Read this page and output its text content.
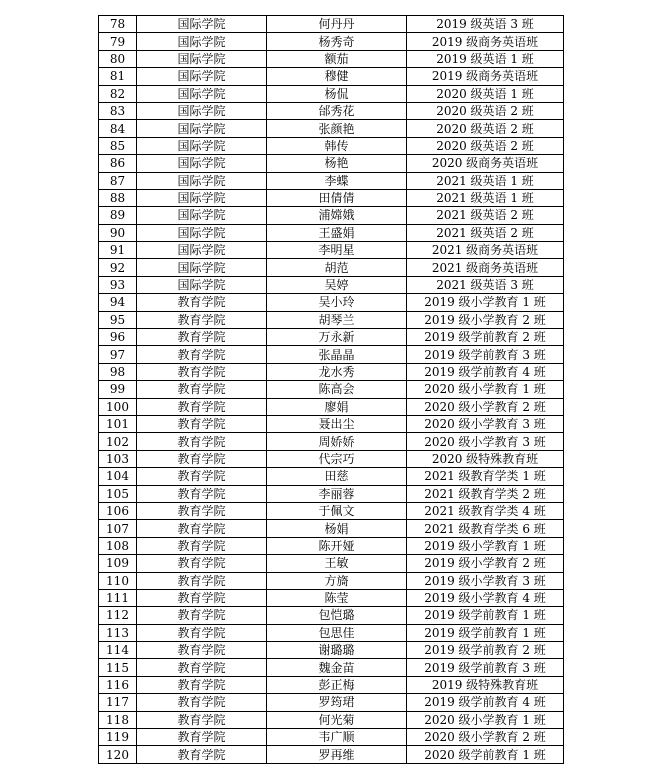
78	国际学院	何丹丹	2019 级英语 3 班
79	国际学院	杨秀奇	2019 级商务英语班
80	国际学院	额茄	2019 级英语 1 班
81	国际学院	穆健	2019 级商务英语班
82	国际学院	杨侃	2020 级英语 1 班
83	国际学院	邰秀花	2020 级英语 2 班
84	国际学院	张颜艳	2020 级英语 2 班
85	国际学院	韩传	2020 级英语 2 班
86	国际学院	杨艳	2020 级商务英语班
87	国际学院	李蝶	2021 级英语 1 班
88	国际学院	田倩倩	2021 级英语 1 班
89	国际学院	浦嫦娥	2021 级英语 2 班
90	国际学院	王盛娟	2021 级英语 2 班
91	国际学院	李明星	2021 级商务英语班
92	国际学院	胡范	2021 级商务英语班
93	国际学院	吴婷	2021 级英语 3 班
94	教育学院	吴小玲	2019 级小学教育 1 班
95	教育学院	胡琴兰	2019 级小学教育 2 班
96	教育学院	万永新	2019 级学前教育 2 班
97	教育学院	张晶晶	2019 级学前教育 3 班
98	教育学院	龙水秀	2019 级学前教育 4 班
99	教育学院	陈高会	2020 级小学教育 1 班
100	教育学院	廖娟	2020 级小学教育 2 班
101	教育学院	聂出尘	2020 级小学教育 3 班
102	教育学院	周娇娇	2020 级小学教育 3 班
103	教育学院	代宗巧	2020 级特殊教育班
104	教育学院	田慈	2021 级教育学类 1 班
105	教育学院	李丽蓉	2021 级教育学类 2 班
106	教育学院	于佩文	2021 级教育学类 4 班
107	教育学院	杨娟	2021 级教育学类 6 班
108	教育学院	陈开娅	2019 级小学教育 1 班
109	教育学院	王敏	2019 级小学教育 2 班
110	教育学院	方旖	2019 级小学教育 3 班
111	教育学院	陈莹	2019 级小学教育 4 班
112	教育学院	包恺璐	2019 级学前教育 1 班
113	教育学院	包思佳	2019 级学前教育 1 班
114	教育学院	谢璐璐	2019 级学前教育 2 班
115	教育学院	魏金苗	2019 级学前教育 3 班
116	教育学院	彭正梅	2019 级特殊教育班
117	教育学院	罗筠珺	2019 级学前教育 4 班
118	教育学院	何光菊	2020 级小学教育 1 班
119	教育学院	韦广顺	2020 级小学教育 2 班
120	教育学院	罗再维	2020 级学前教育 1 班
